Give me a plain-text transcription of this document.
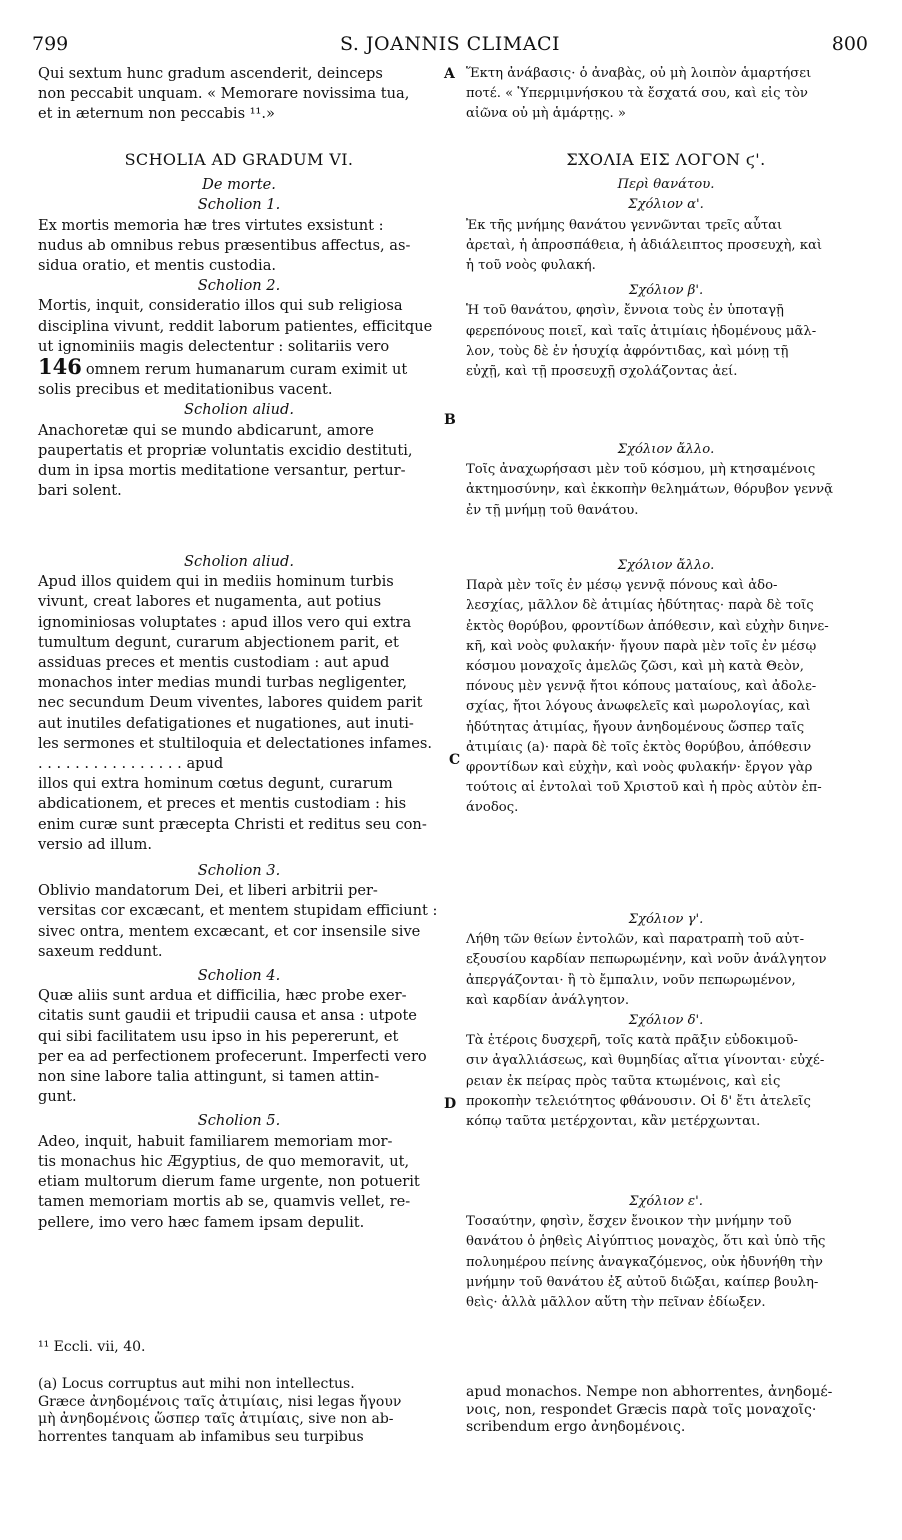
799	S. JOANNIS CLIMACI	800
A
B
C
D
Qui sextum hunc gradum ascenderit, deinceps
non peccabit unquam. « Memorare novissima tua,
et in æternum non peccabis ¹¹.»
SCHOLIA AD GRADUM VI.
De morte.
Scholion 1.
Ex mortis memoria hæ tres virtutes exsistunt :
nudus ab omnibus rebus præsentibus affectus, as-
sidua oratio, et mentis custodia.
Scholion 2.
Mortis, inquit, consideratio illos qui sub religiosa
disciplina vivunt, reddit laborum patientes, efficitque
ut ignominiis magis delectentur : solitariis vero
146 omnem rerum humanarum curam eximit ut
solis precibus et meditationibus vacent.
Scholion aliud.
Anachoretæ qui se mundo abdicarunt, amore
paupertatis et propriæ voluntatis excidio destituti,
dum in ipsa mortis meditatione versantur, pertur-
bari solent.
Scholion aliud.
Apud illos quidem qui in mediis hominum turbis
vivunt, creat labores et nugamenta, aut potius
ignominiosas voluptates : apud illos vero qui extra
tumultum degunt, curarum abjectionem parit, et
assiduas preces et mentis custodiam : aut apud
monachos inter medias mundi turbas negligenter,
nec secundum Deum viventes, labores quidem parit
aut inutiles defatigationes et nugationes, aut inuti-
les sermones et stultiloquia et delectationes infames.
. . . . . . . . . . . . . . . . apud
illos qui extra hominum cœtus degunt, curarum
abdicationem, et preces et mentis custodiam : his
enim curæ sunt præcepta Christi et reditus seu con-
versio ad illum.
Scholion 3.
Oblivio mandatorum Dei, et liberi arbitrii per-
versitas cor excæcant, et mentem stupidam efficiunt :
sivec ontra, mentem excæcant, et cor insensile sive
saxeum reddunt.
Scholion 4.
Quæ aliis sunt ardua et difficilia, hæc probe exer-
citatis sunt gaudii et tripudii causa et ansa : utpote
qui sibi facilitatem usu ipso in his pepererunt, et
per ea ad perfectionem profecerunt. Imperfecti vero
non sine labore talia attingunt, si tamen attin-
gunt.
Scholion 5.
Adeo, inquit, habuit familiarem memoriam mor-
tis monachus hic Ægyptius, de quo memoravit, ut,
etiam multorum dierum fame urgente, non potuerit
tamen memoriam mortis ab se, quamvis vellet, re-
pellere, imo vero hæc famem ipsam depulit.
¹¹ Eccli. vii, 40.
(a) Locus corruptus aut mihi non intellectus.
Græce ἀνηδομένοις ταῖς ἀτιμίαις, nisi legas ἤγουν
μὴ ἀνηδομένοις ὥσπερ ταῖς ἀτιμίαις, sive non ab-
horrentes tanquam ab infamibus seu turpibus
Ἕκτη ἀνάβασις· ὁ ἀναβὰς, οὐ μὴ λοιπὸν ἁμαρτήσει
ποτέ. « Ὑπερμιμνήσκου τὰ ἔσχατά σου, καὶ εἰς τὸν
αἰῶνα οὐ μὴ ἁμάρτῃς. »
ΣΧΟΛΙΑ ΕΙΣ ΛΟΓΟΝ ϛ'.
Περὶ θανάτου.
Σχόλιον α'.
Ἐκ τῆς μνήμης θανάτου γεννῶνται τρεῖς αὗται
ἀρεταὶ, ἡ ἀπροσπάθεια, ἡ ἀδιάλειπτος προσευχὴ, καὶ
ἡ τοῦ νοὸς φυλακή.
Σχόλιον β'.
Ἡ τοῦ θανάτου, φησὶν, ἔννοια τοὺς ἐν ὑποταγῇ
φερεπόνους ποιεῖ, καὶ ταῖς ἀτιμίαις ἡδομένους μᾶλ-
λον, τοὺς δὲ ἐν ἡσυχίᾳ ἀφρόντιδας, καὶ μόνῃ τῇ
εὐχῇ, καὶ τῇ προσευχῇ σχολάζοντας ἀεί.
Σχόλιον ἄλλο.
Τοῖς ἀναχωρήσασι μὲν τοῦ κόσμου, μὴ κτησαμένοις
ἀκτημοσύνην, καὶ ἐκκοπὴν θελημάτων, θόρυβον γεννᾷ
ἐν τῇ μνήμῃ τοῦ θανάτου.
Σχόλιον ἄλλο.
Παρὰ μὲν τοῖς ἐν μέσῳ γεννᾷ πόνους καὶ ἀδο-
λεσχίας, μᾶλλον δὲ ἀτιμίας ἡδύτητας· παρὰ δὲ τοῖς
ἐκτὸς θορύβου, φροντίδων ἀπόθεσιν, καὶ εὐχὴν διηνε-
κῆ, καὶ νοὸς φυλακήν· ἤγουν παρὰ μὲν τοῖς ἐν μέσῳ
κόσμου μοναχοῖς ἀμελῶς ζῶσι, καὶ μὴ κατὰ Θεὸν,
πόνους μὲν γεννᾷ ἤτοι κόπους ματαίους, καὶ ἀδολε-
σχίας, ἤτοι λόγους ἀνωφελεῖς καὶ μωρολογίας, καὶ
ἡδύτητας ἀτιμίας, ἤγουν ἀνηδομένους ὥσπερ ταῖς
ἀτιμίαις (a)· παρὰ δὲ τοῖς ἐκτὸς θορύβου, ἀπόθεσιν
φροντίδων καὶ εὐχὴν, καὶ νοὸς φυλακήν· ἔργον γὰρ
τούτοις αἱ ἐντολαὶ τοῦ Χριστοῦ καὶ ἡ πρὸς αὐτὸν ἐπ-
άνοδος.
Σχόλιον γ'.
Λήθη τῶν θείων ἐντολῶν, καὶ παρατραπὴ τοῦ αὐτ-
εξουσίου καρδίαν πεπωρωμένην, καὶ νοῦν ἀνάλγητον
ἀπεργάζονται· ἢ τὸ ἔμπαλιν, νοῦν πεπωρωμένον,
καὶ καρδίαν ἀνάλγητον.
Σχόλιον δ'.
Τὰ ἑτέροις δυσχερῆ, τοῖς κατὰ πρᾶξιν εὐδοκιμοῦ-
σιν ἀγαλλιάσεως, καὶ θυμηδίας αἴτια γίνονται· εὐχέ-
ρειαν ἐκ πείρας πρὸς ταῦτα κτωμένοις, καὶ εἰς
προκοπὴν τελειότητος φθάνουσιν. Οἱ δ' ἔτι ἀτελεῖς
κόπῳ ταῦτα μετέρχονται, κἂν μετέρχωνται.
Σχόλιον ε'.
Τοσαύτην, φησὶν, ἔσχεν ἔνοικον τὴν μνήμην τοῦ
θανάτου ὁ ῥηθεὶς Αἰγύπτιος μοναχὸς, ὅτι καὶ ὑπὸ τῆς
πολυημέρου πείνης ἀναγκαζόμενος, οὐκ ἠδυνήθη τὴν
μνήμην τοῦ θανάτου ἐξ αὐτοῦ διῶξαι, καίπερ βουλη-
θεὶς· ἀλλὰ μᾶλλον αὕτη τὴν πεῖναν ἐδίωξεν.
apud monachos. Nempe non abhorrentes, ἀνηδομέ-
νοις, non, respondet Græcis παρὰ τοῖς μοναχοῖς·
scribendum ergo ἀνηδομένοις.
